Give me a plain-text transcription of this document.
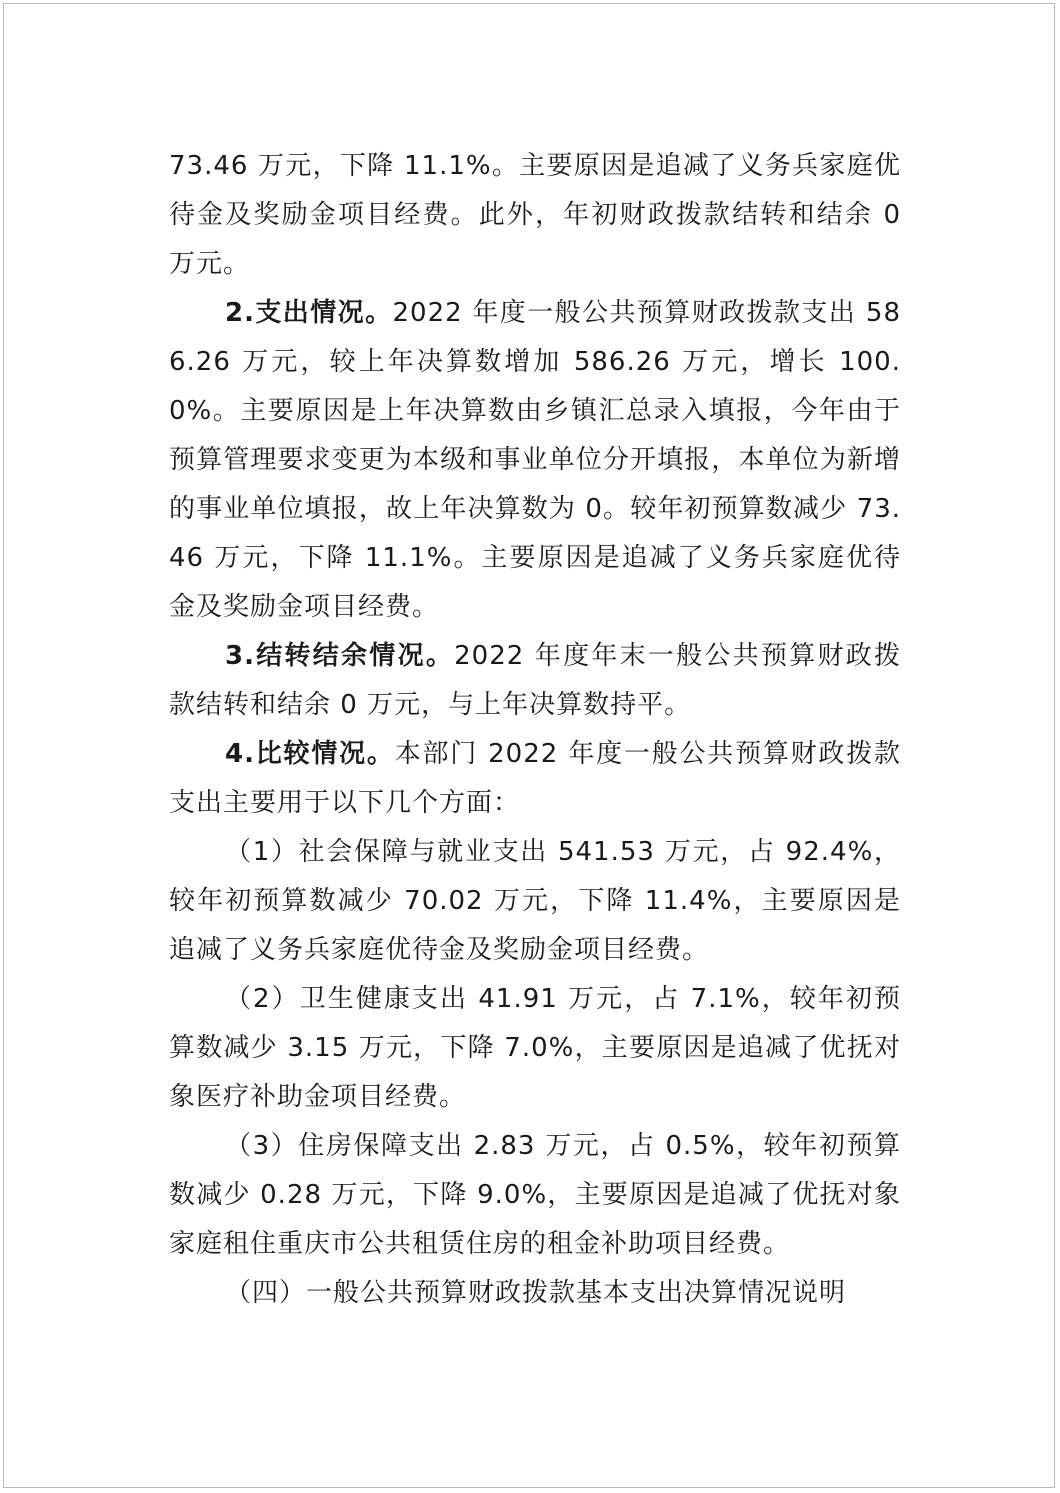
73.46 万元，下降 11.1%。主要原因是追减了义务兵家庭优待金及奖励金项目经费。此外，年初财政拨款结转和结余 0 万元。

2.支出情况。2022 年度一般公共预算财政拨款支出 586.26 万元，较上年决算数增加 586.26 万元，增长 100.0%。主要原因是上年决算数由乡镇汇总录入填报，今年由于预算管理要求变更为本级和事业单位分开填报，本单位为新增的事业单位填报，故上年决算数为 0。较年初预算数减少 73.46 万元，下降 11.1%。主要原因是追减了义务兵家庭优待金及奖励金项目经费。

3.结转结余情况。2022 年度年末一般公共预算财政拨款结转和结余 0 万元，与上年决算数持平。

4.比较情况。本部门 2022 年度一般公共预算财政拨款支出主要用于以下几个方面：

（1）社会保障与就业支出 541.53 万元，占 92.4%，较年初预算数减少 70.02 万元，下降 11.4%，主要原因是追减了义务兵家庭优待金及奖励金项目经费。

（2）卫生健康支出 41.91 万元，占 7.1%，较年初预算数减少 3.15 万元，下降 7.0%，主要原因是追减了优抚对象医疗补助金项目经费。

（3）住房保障支出 2.83 万元，占 0.5%，较年初预算数减少 0.28 万元，下降 9.0%，主要原因是追减了优抚对象家庭租住重庆市公共租赁住房的租金补助项目经费。

（四）一般公共预算财政拨款基本支出决算情况说明
